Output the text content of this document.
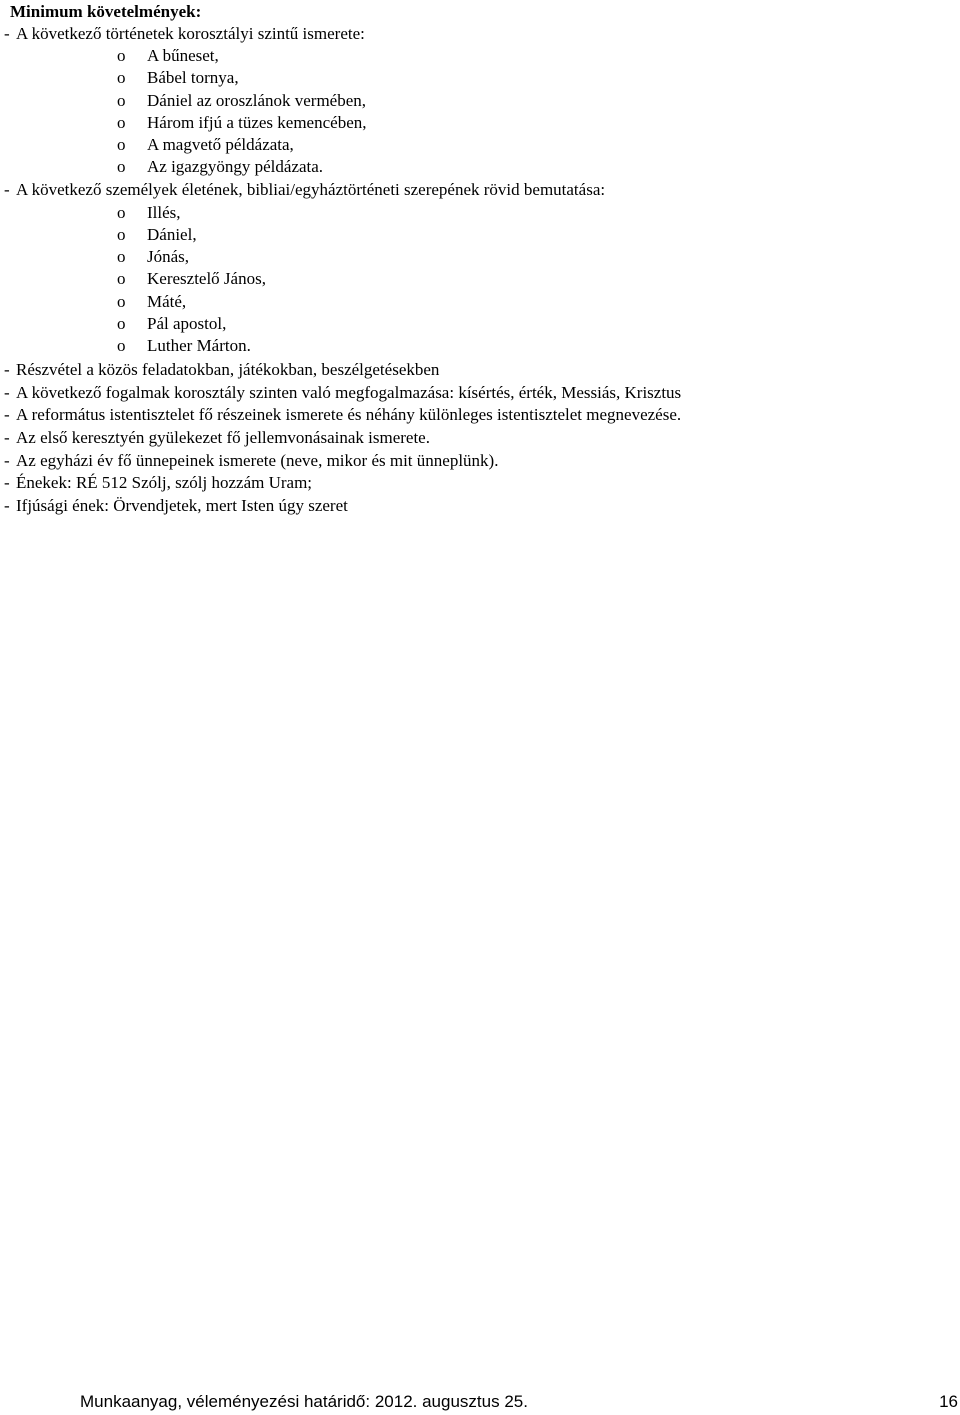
Minimum követelmények:
- A következő történetek korosztályi szintű ismerete:
o A bűneset,
o Bábel tornya,
o Dániel az oroszlánok vermében,
o Három ifjú a tüzes kemencében,
o A magvető példázata,
o Az igazgyöngy példázata.
- A következő személyek életének, bibliai/egyháztörténeti szerepének rövid bemutatása:
o Illés,
o Dániel,
o Jónás,
o Keresztelő János,
o Máté,
o Pál apostol,
o Luther Márton.
- Részvétel a közös feladatokban, játékokban, beszélgetésekben
- A következő fogalmak korosztály szinten való megfogalmazása: kísértés, érték, Messiás, Krisztus
- A református istentisztelet fő részeinek ismerete és néhány különleges istentisztelet megnevezése.
- Az első keresztyén gyülekezet fő jellemvonásainak ismerete.
- Az egyházi év fő ünnepeinek ismerete (neve, mikor és mit ünneplünk).
- Énekek: RÉ 512 Szólj, szólj hozzám Uram;
- Ifjúsági ének: Örvendjetek, mert Isten úgy szeret
Munkaanyag, véleményezési határidő: 2012. augusztus 25.	16
